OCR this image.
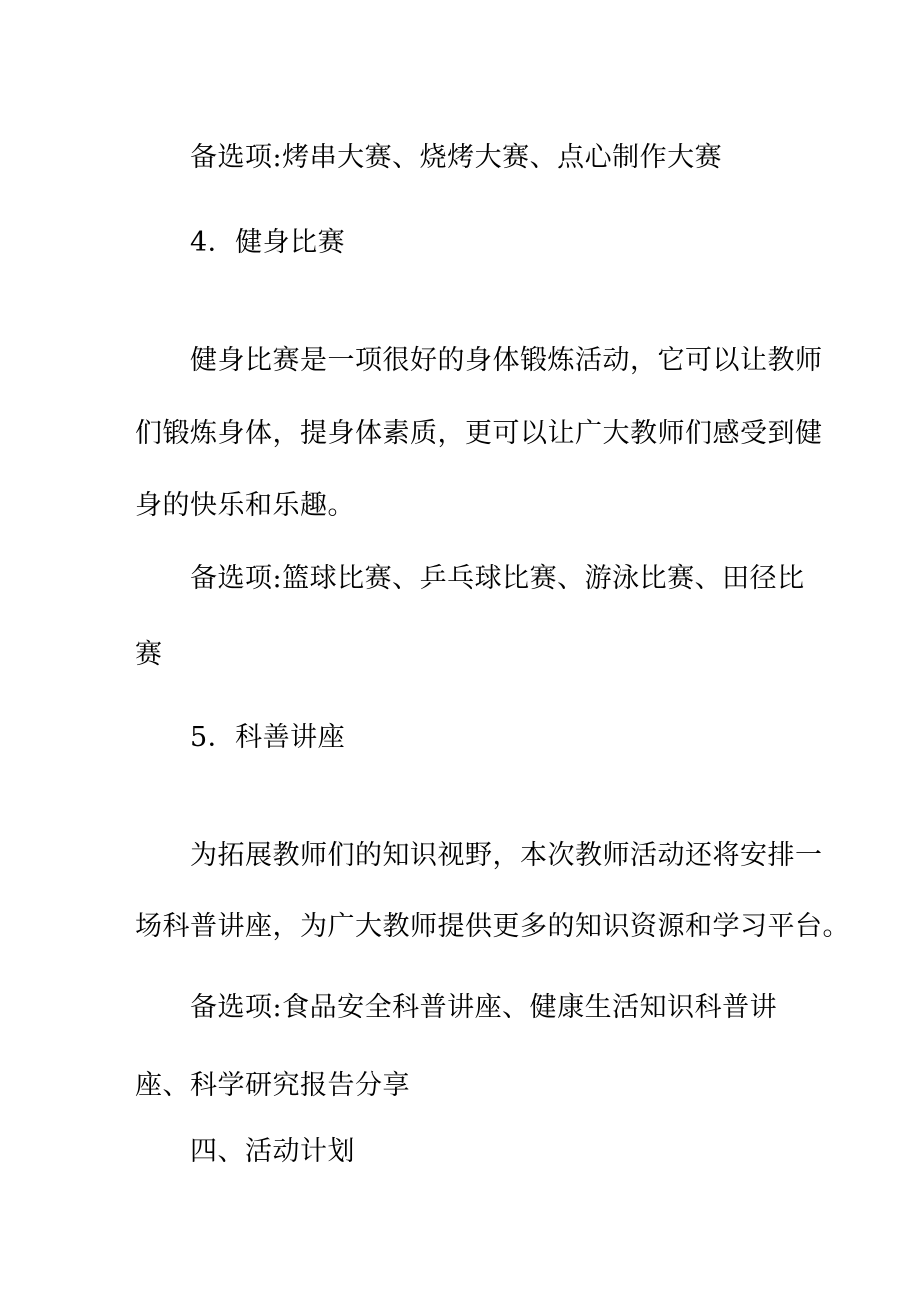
备选项:烤串大赛、烧烤大赛、点心制作大赛
4．健身比赛
健身比赛是一项很好的身体锻炼活动，它可以让教师
们锻炼身体，提身体素质，更可以让广大教师们感受到健
身的快乐和乐趣。
备选项:篮球比赛、乒乓球比赛、游泳比赛、田径比
赛
5．科善讲座
为拓展教师们的知识视野，本次教师活动还将安排一
场科普讲座，为广大教师提供更多的知识资源和学习平台。
备选项:食品安全科普讲座、健康生活知识科普讲
座、科学研究报告分享
四、活动计划
